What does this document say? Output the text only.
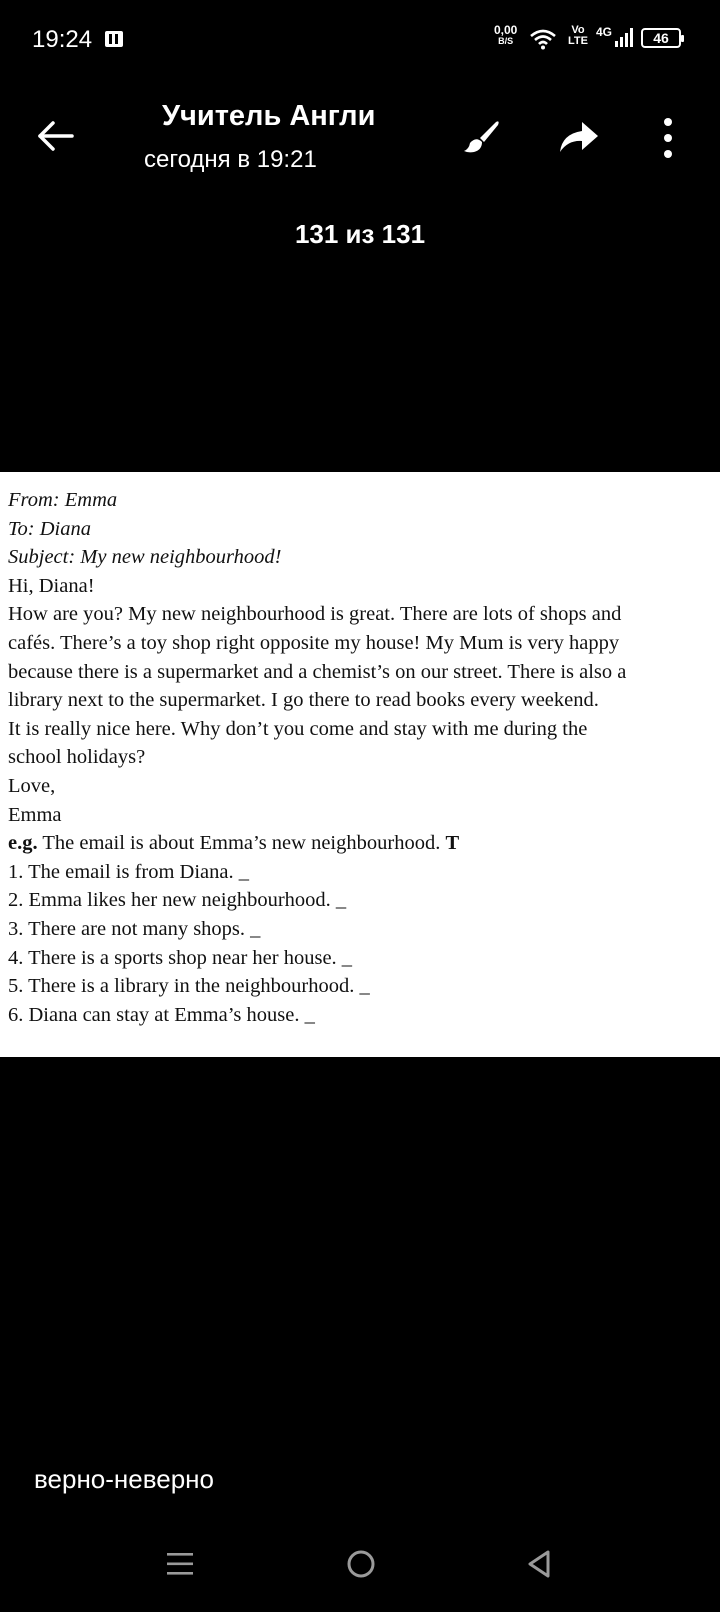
19:24	0,00
B/S
Vo
LTE
4G	46
Учитель Англи
сегодня в 19:21
131 из 131
From: Emma
To: Diana
Subject: My new neighbourhood!
Hi, Diana!
How are you? My new neighbourhood is great. There are lots of shops and
cafés. There’s a toy shop right opposite my house! My Mum is very happy
because there is a supermarket and a chemist’s on our street. There is also a
library next to the supermarket. I go there to read books every weekend.
It is really nice here. Why don’t you come and stay with me during the
school holidays?
Love,
Emma
e.g. The email is about Emma’s new neighbourhood. T
1. The email is from Diana. _
2. Emma likes her new neighbourhood. _
3. There are not many shops. _
4. There is a sports shop near her house. _
5. There is a library in the neighbourhood. _
6. Diana can stay at Emma’s house. _
верно-неверно
